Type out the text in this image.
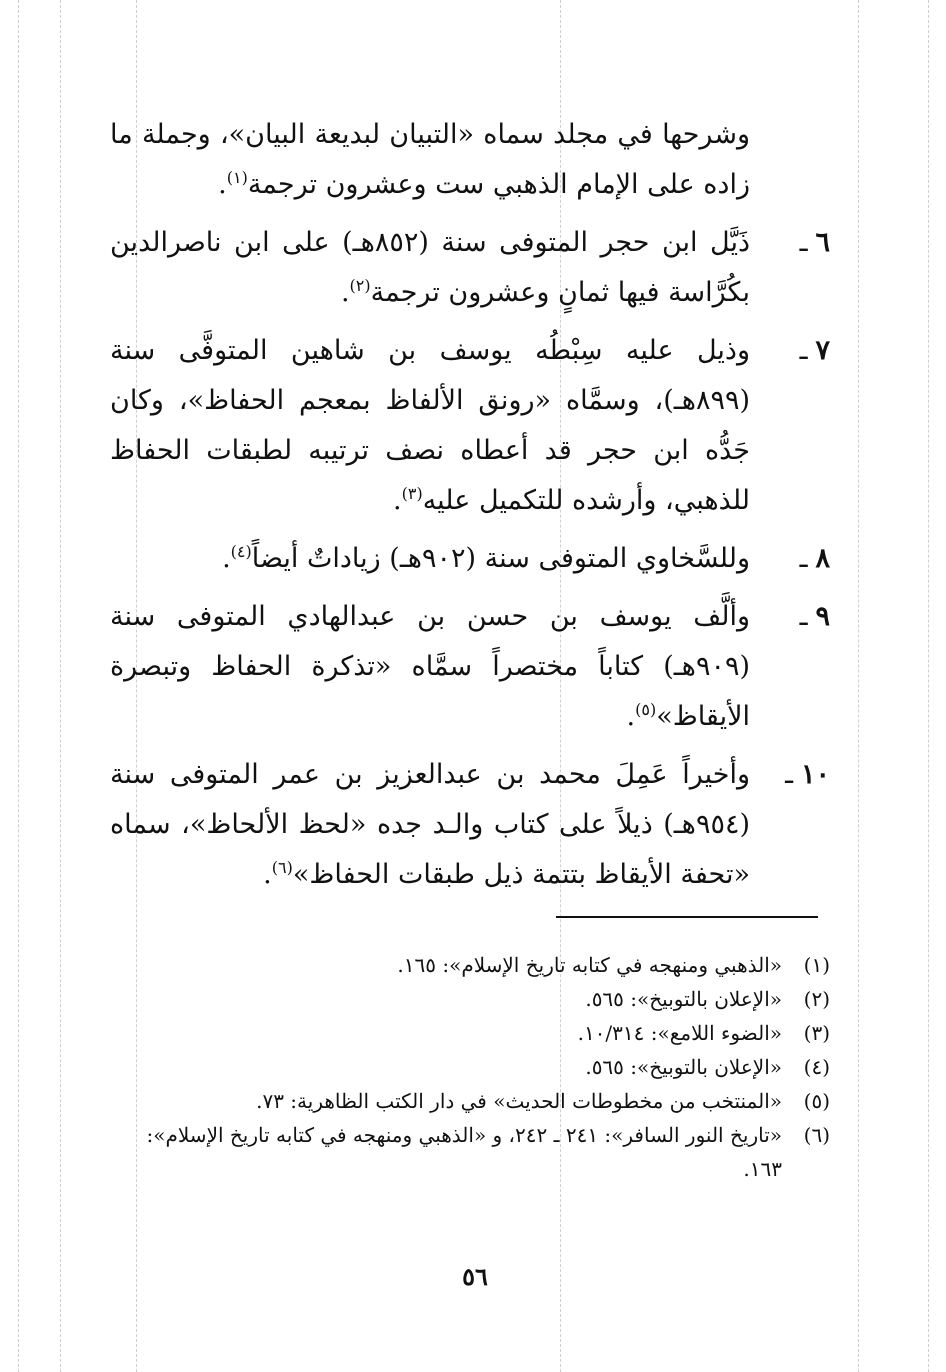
وشرحها في مجلد سماه «التبيان لبديعة البيان»، وجملة ما زاده على الإمام الذهبي ست وعشرون ترجمة$^{(١)}$.

٦ـ
ذَيَّل ابن حجر المتوفى سنة (٨٥٢هـ) على ابن ناصرالدين بكُرَّاسة فيها ثمانٍ وعشرون ترجمة$^{(٢)}$.
٧ـ
وذيل عليه سِبْطُه يوسف بن شاهين المتوفَّى سنة (٨٩٩هـ)، وسمَّاه «رونق الألفاظ بمعجم الحفاظ»، وكان جَدُّه ابن حجر قد أعطاه نصف ترتيبه لطبقات الحفاظ للذهبي، وأرشده للتكميل عليه$^{(٣)}$.
٨ـ
وللسَّخاوي المتوفى سنة (٩٠٢هـ) زياداتٌ أيضاً$^{(٤)}$.
٩ـ
وألَّف يوسف بن حسن بن عبدالهادي المتوفى سنة (٩٠٩هـ) كتاباً مختصراً سمَّاه «تذكرة الحفاظ وتبصرة الأيقاظ»$^{(٥)}$.
١٠ـ
وأخيراً عَمِلَ محمد بن عبدالعزيز بن عمر المتوفى سنة (٩٥٤هـ) ذيلاً على كتاب والـد جده «لحظ الألحاظ»، سماه «تحفة الأيقاظ بتتمة ذيل طبقات الحفاظ»$^{(٦)}$.

(١)
«الذهبي ومنهجه في كتابه تاريخ الإسلام»: ١٦٥.

(٢)
«الإعلان بالتوبيخ»: ٥٦٥.

(٣)
«الضوء اللامع»: ١٠/٣١٤.

(٤)
«الإعلان بالتوبيخ»: ٥٦٥.

(٥)
«المنتخب من مخطوطات الحديث» في دار الكتب الظاهرية: ٧٣.

(٦)
«تاريخ النور السافر»: ٢٤١ ـ ٢٤٢، و «الذهبي ومنهجه في كتابه تاريخ الإسلام»: ١٦٣.

٥٦
